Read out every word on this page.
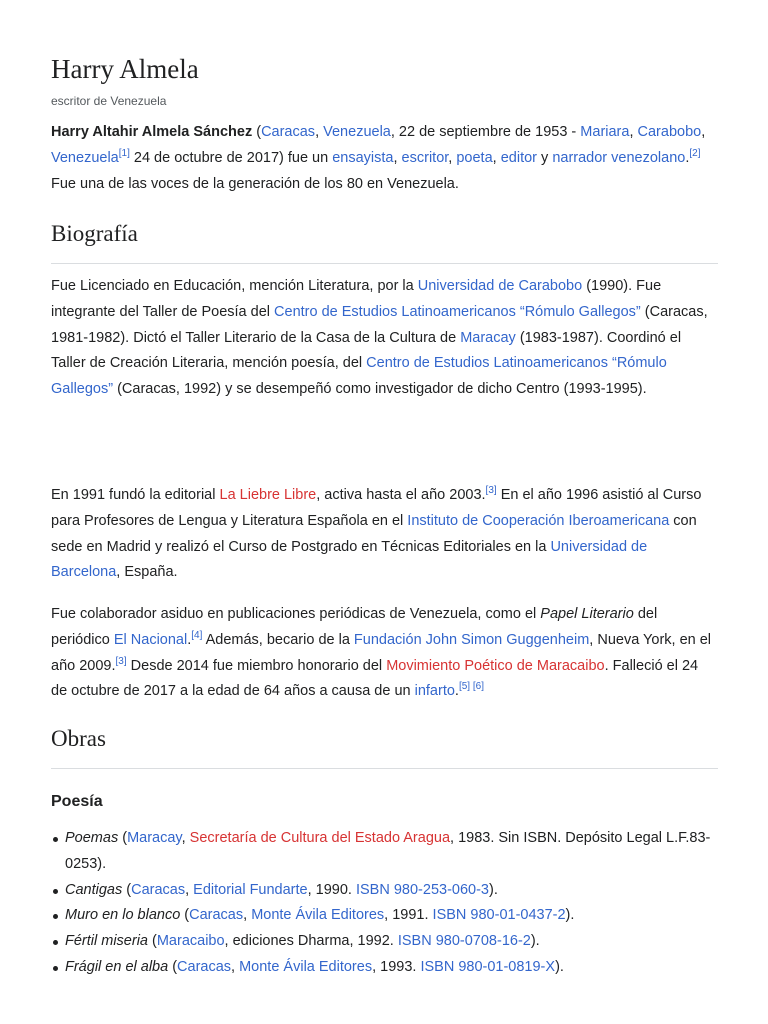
Harry Almela
escritor de Venezuela

Harry Altahir Almela Sánchez (Caracas, Venezuela, 22 de septiembre de 1953 - Mariara, Carabobo, Venezuela[1] 24 de octubre de 2017) fue un ensayista, escritor, poeta, editor y narrador venezolano.[2] Fue una de las voces de la generación de los 80 en Venezuela.

Biografía

Fue Licenciado en Educación, mención Literatura, por la Universidad de Carabobo (1990). Fue integrante del Taller de Poesía del Centro de Estudios Latinoamericanos “Rómulo Gallegos” (Caracas, 1981-1982). Dictó el Taller Literario de la Casa de la Cultura de Maracay (1983-1987). Coordinó el Taller de Creación Literaria, mención poesía, del Centro de Estudios Latinoamericanos “Rómulo Gallegos” (Caracas, 1992) y se desempeñó como investigador de dicho Centro (1993-1995).

En 1991 fundó la editorial La Liebre Libre, activa hasta el año 2003.[3] En el año 1996 asistió al Curso para Profesores de Lengua y Literatura Española en el Instituto de Cooperación Iberoamericana con sede en Madrid y realizó el Curso de Postgrado en Técnicas Editoriales en la Universidad de Barcelona, España.

Fue colaborador asiduo en publicaciones periódicas de Venezuela, como el Papel Literario del periódico El Nacional.[4] Además, becario de la Fundación John Simon Guggenheim, Nueva York, en el año 2009.[3] Desde 2014 fue miembro honorario del Movimiento Poético de Maracaibo. Falleció el 24 de octubre de 2017 a la edad de 64 años a causa de un infarto.[5] [6]

Obras
Poesía
Poemas (Maracay, Secretaría de Cultura del Estado Aragua, 1983. Sin ISBN. Depósito Legal L.F.83-0253).
Cantigas (Caracas, Editorial Fundarte, 1990. ISBN 980-253-060-3).
Muro en lo blanco (Caracas, Monte Ávila Editores, 1991. ISBN 980-01-0437-2).
Fértil miseria (Maracaibo, ediciones Dharma, 1992. ISBN 980-0708-16-2).
Frágil en el alba (Caracas, Monte Ávila Editores, 1993. ISBN 980-01-0819-X).
